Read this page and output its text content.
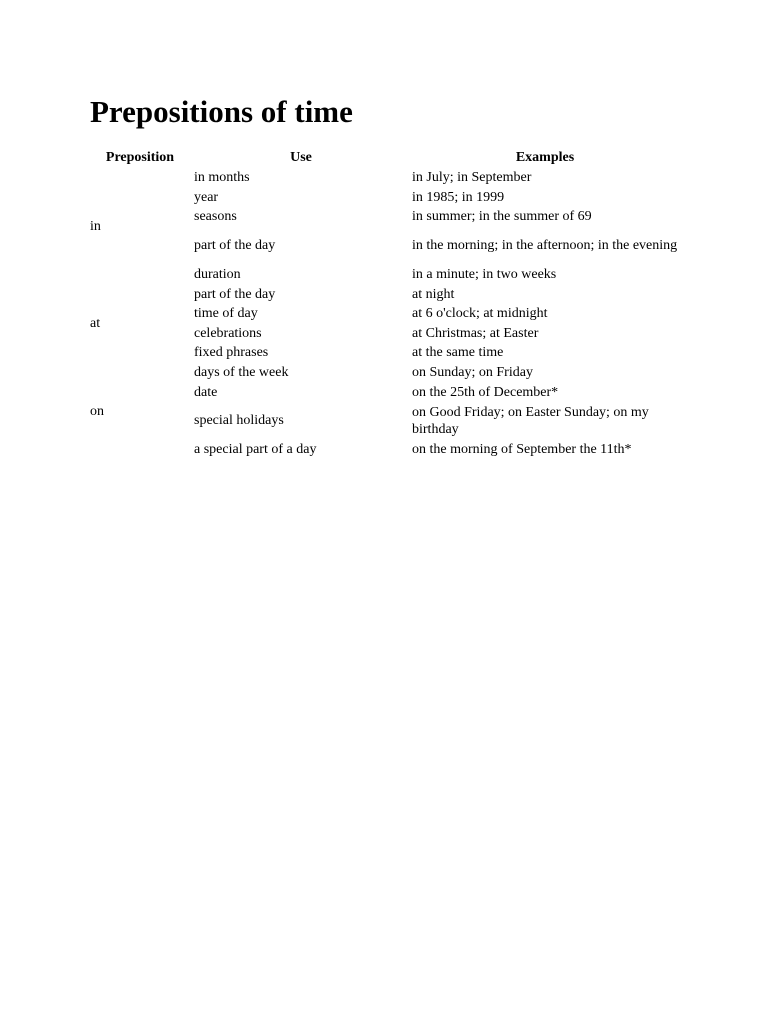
Prepositions of time
Preposition	Use	Examples
in	in months	in July; in September
	year	in 1985; in 1999
	seasons	in summer; in the summer of 69
	part of the day	in the morning; in the afternoon; in the evening
	duration	in a minute; in two weeks
at	part of the day	at night
	time of day	at 6 o'clock; at midnight
	celebrations	at Christmas; at Easter
	fixed phrases	at the same time
on	days of the week	on Sunday; on Friday
	date	on the 25th of December*
	special holidays	on Good Friday; on Easter Sunday; on my birthday
	a special part of a day	on the morning of September the 11th*
